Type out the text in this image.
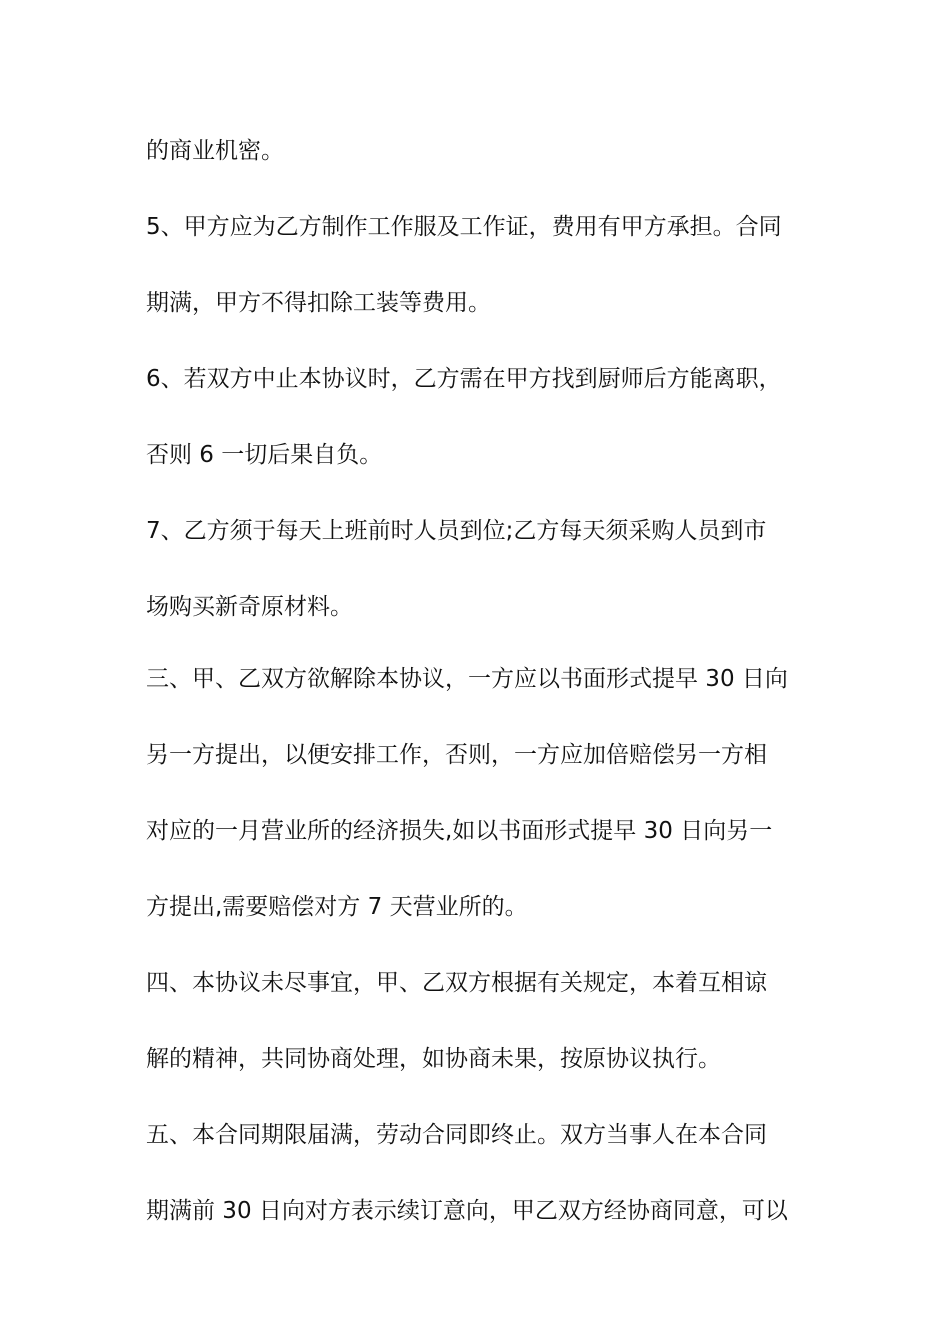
的商业机密。

5、甲方应为乙方制作工作服及工作证，费用有甲方承担。合同

期满，甲方不得扣除工装等费用。

6、若双方中止本协议时，乙方需在甲方找到厨师后方能离职，

否则 6 一切后果自负。

7、乙方须于每天上班前时人员到位;乙方每天须采购人员到市

场购买新奇原材料。

三、甲、乙双方欲解除本协议，一方应以书面形式提早 30 日向

另一方提出，以便安排工作，否则，一方应加倍赔偿另一方相

对应的一月营业所的经济损失,如以书面形式提早 30 日向另一

方提出,需要赔偿对方 7 天营业所的。

四、本协议未尽事宜，甲、乙双方根据有关规定，本着互相谅

解的精神，共同协商处理，如协商未果，按原协议执行。

五、本合同期限届满，劳动合同即终止。双方当事人在本合同

期满前 30 日向对方表示续订意向，甲乙双方经协商同意，可以
